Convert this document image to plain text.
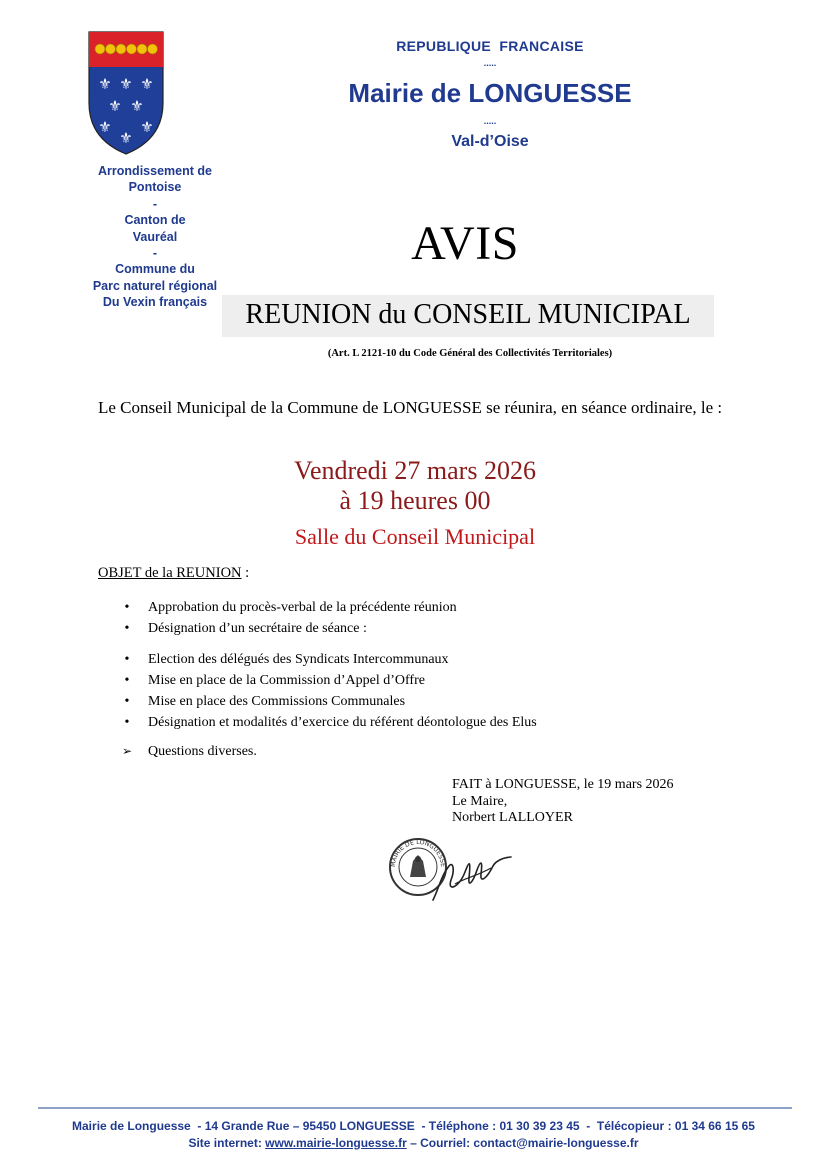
⚜ ⚜ ⚜
⚜ ⚜
⚜ ⚜
⚜
Arrondissement de
Pontoise
-
Canton de
Vauréal
-
Commune du
Parc naturel régional
Du Vexin français
REPUBLIQUE  FRANCAISE
.....
Mairie de LONGUESSE
.....
Val-d’Oise
AVIS
REUNION du CONSEIL MUNICIPAL
(Art. L 2121-10 du Code Général des Collectivités Territoriales)
Le Conseil Municipal de la Commune de LONGUESSE se réunira, en séance ordinaire, le :
Vendredi 27 mars 2026
à 19 heures 00
Salle du Conseil Municipal
OBJET de la REUNION :
• Approbation du procès-verbal de la précédente réunion
• Désignation d’un secrétaire de séance :
• Election des délégués des Syndicats Intercommunaux
• Mise en place de la Commission d’Appel d’Offre
• Mise en place des Commissions Communales
• Désignation et modalités d’exercice du référent déontologue des Elus
➢ Questions diverses.
FAIT à LONGUESSE, le 19 mars 2026
Le Maire,
Norbert LALLOYER
MAIRIE DE LONGUESSE
Mairie de Longuesse  - 14 Grande Rue – 95450 LONGUESSE  - Téléphone : 01 30 39 23 45  -  Télécopieur : 01 34 66 15 65
Site internet: www.mairie-longuesse.fr – Courriel: contact@mairie-longuesse.fr
